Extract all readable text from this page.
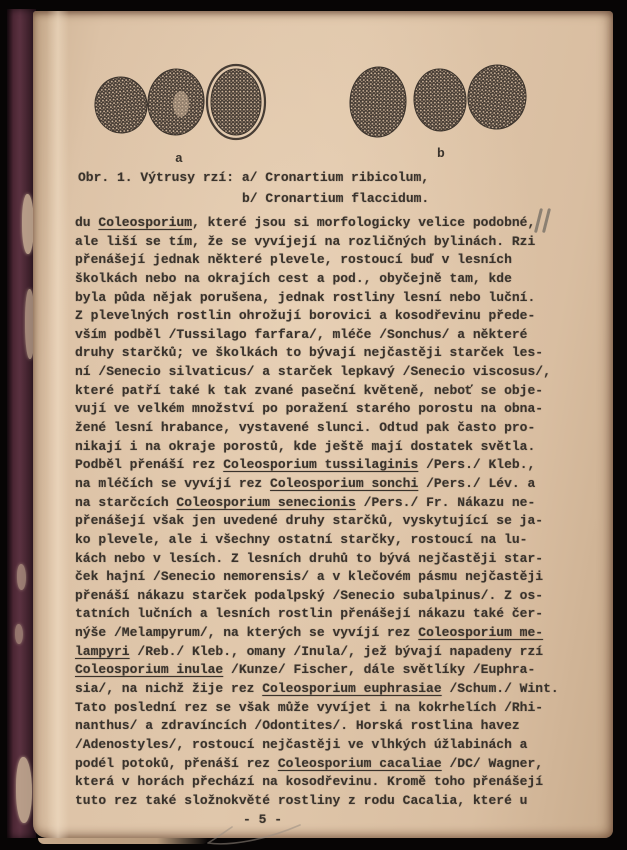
a	b
Obr. 1. Výtrusy rzí: a/ Cronartium ribicolum,
b/ Cronartium flaccidum.
du Coleosporium, které jsou si morfologicky velice podobné,
ale liší se tím, že se vyvíjejí na rozličných bylinách. Rzi
přenášejí jednak některé plevele, rostoucí buď v lesních
školkách nebo na okrajích cest a pod., obyčejně tam, kde
byla půda nějak porušena, jednak rostliny lesní nebo luční.
Z plevelných rostlin ohrožují borovici a kosodřevinu přede-
vším podběl /Tussilago farfara/, mléče /Sonchus/ a některé
druhy starčků; ve školkách to bývají nejčastěji starček les-
ní /Senecio silvaticus/ a starček lepkavý /Senecio viscosus/,
které patří také k tak zvané paseční květeně, neboť se obje-
vují ve velkém množství po poražení starého porostu na obna-
žené lesní hrabance, vystavené slunci. Odtud pak často pro-
nikají i na okraje porostů, kde ještě mají dostatek světla.
Podběl přenáší rez Coleosporium tussilaginis /Pers./ Kleb.,
na mléčích se vyvíjí rez Coleosporium sonchi /Pers./ Lév. a
na starčcích Coleosporium senecionis /Pers./ Fr. Nákazu ne-
přenášejí však jen uvedené druhy starčků, vyskytující se ja-
ko plevele, ale i všechny ostatní starčky, rostoucí na lu-
kách nebo v lesích. Z lesních druhů to bývá nejčastěji star-
ček hajní /Senecio nemorensis/ a v klečovém pásmu nejčastěji
přenáší nákazu starček podalpský /Senecio subalpinus/. Z os-
tatních lučních a lesních rostlin přenášejí nákazu také čer-
nýše /Melampyrum/, na kterých se vyvíjí rez Coleosporium me-
lampyri /Reb./ Kleb., omany /Inula/, jež bývají napadeny rzí
Coleosporium inulae /Kunze/ Fischer, dále světlíky /Euphra-
sia/, na nichž žije rez Coleosporium euphrasiae /Schum./ Wint.
Tato poslední rez se však může vyvíjet i na kokrhelích /Rhi-
nanthus/ a zdravíncích /Odontites/. Horská rostlina havez
/Adenostyles/, rostoucí nejčastěji ve vlhkých úžlabinách a
podél potoků, přenáší rez Coleosporium cacaliae /DC/ Wagner,
která v horách přechází na kosodřevinu. Kromě toho přenášejí
tuto rez také složnokvěté rostliny z rodu Cacalia, které u
- 5 -
